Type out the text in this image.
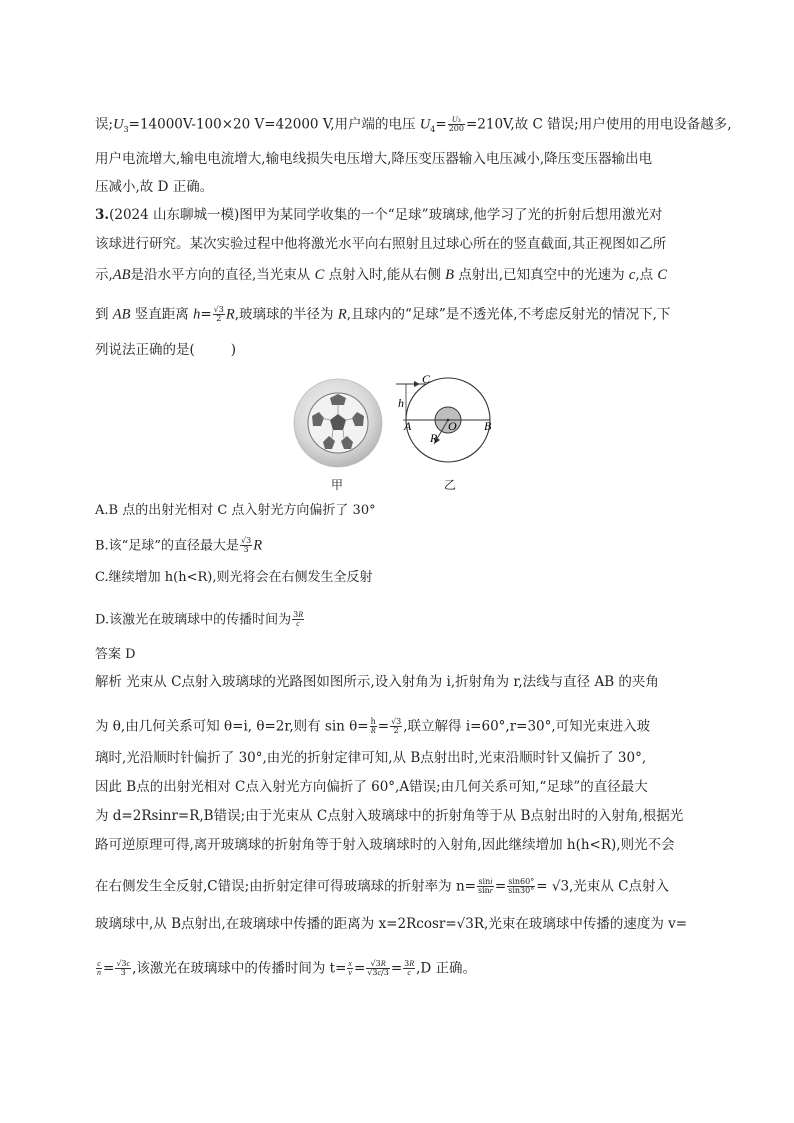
误$;U_3=14000V-100\times 20$ V=42000 V,用户端的电压 $U_4= \frac{\text{U₃}}{200} =210V$,故 C 错误;用户使用的用电设备越多,
用户电流增大,输电电流增大,输电线损失电压增大,降压变压器输入电压减小,降压变压器输出电
压减小,故 D 正确。
3.(2024 山东聊城一模)图甲为某同学收集的一个“足球”玻璃球,他学习了光的折射后想用激光对
该球进行研究。某次实验过程中他将激光水平向右照射且过球心所在的竖直截面,其正视图如乙所
示,AB是沿水平方向的直径,当光束从 C 点射入时,能从右侧 B 点射出,已知真空中的光速为 c,点 C
到 AB 竖直距离 $h= \frac{√3}{2} R$,玻璃球的半径为 R,且球内的“足球”是不透光体,不考虑反射光的情况下,下
列说法正确的是(	)
甲
C
h
A	O B
R
乙
A.B 点的出射光相对 C 点入射光方向偏折了 30°
B.该“足球”的直径最大是 $\frac{√3}{3}$ R
C.继续增加 h(h<R),则光将会在右侧发生全反射
D.该激光在玻璃球中的传播时间为 $\frac{3R}{c}$
答案 D
解析 光束从 C点射入玻璃球的光路图如图所示,设入射角为 i,折射角为 r,法线与直径 AB 的夹角
为 θ,由几何关系可知 θ=i, θ=2r,则有 $\sin \theta= \frac{h}{R} = \frac{√3}{2}$ ,联立解得 i=60°,r=30°,可知光束进入玻
璃时,光沿顺时针偏折了 30°,由光的折射定律可知,从 B点射出时,光束沿顺时针又偏折了 30°,
因此 B点的出射光相对 C点入射光方向偏折了 60°,A错误;由几何关系可知,“足球”的直径最大
为 d=2Rsinr=R,B错误;由于光束从 C点射入玻璃球中的折射角等于从 B点射出时的入射角,根据光
路可逆原理可得,离开玻璃球的折射角等于射入玻璃球时的入射角,因此继续增加 h(h<R),则光不会
在右侧发生全反射,C错误;由折射定律可得玻璃球的折射率为 $n= \frac{\sin i}{\sin r} = \frac{\sin 60^\circ}{\sin 30^\circ} = √3$,光束从 C点射入
玻璃球中,从 B点射出,在玻璃球中传播的距离为 x=2Rcosr=√3R,光束在玻璃球中传播的速度为 v=
$\frac{c}{n} = \frac{√3c}{3}$ ,该激光在玻璃球中的传播时间为 $t= \frac{x}{v} = \frac{√3R}{√3c/3} = \frac{3R}{c} ,D$ 正确。
